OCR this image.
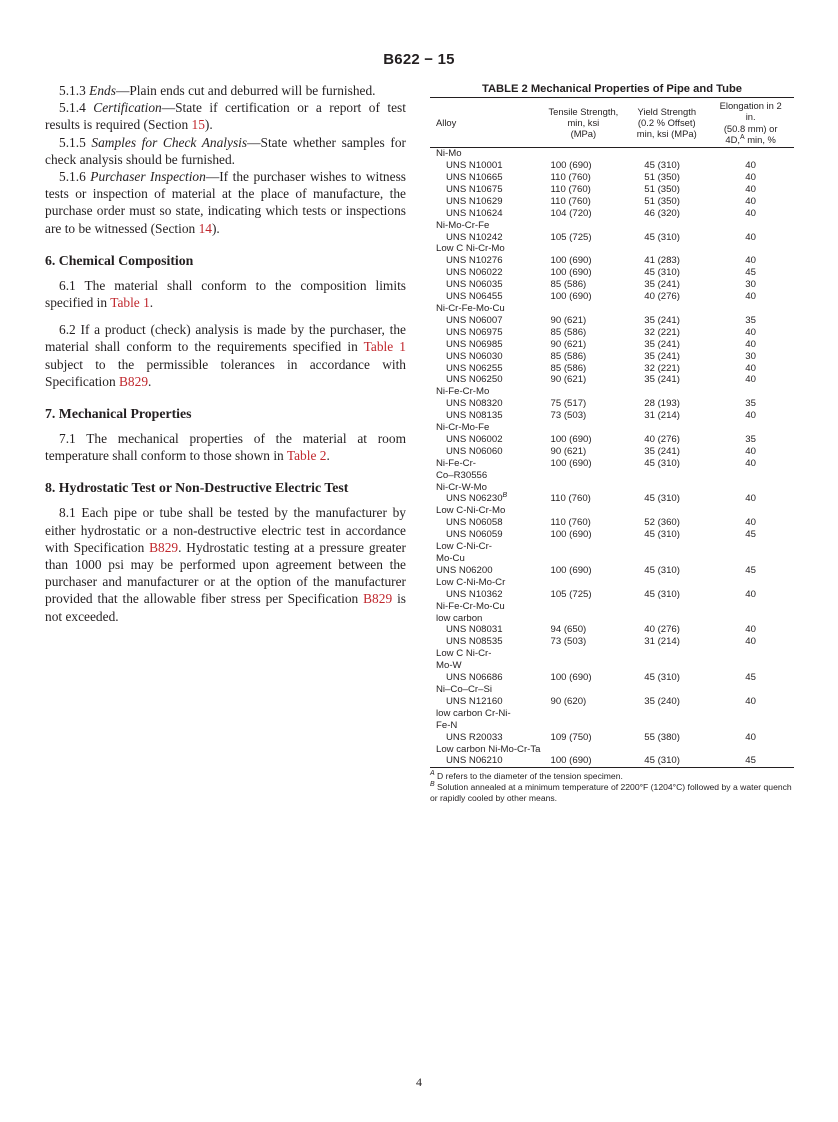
B622 − 15

5.1.3 Ends—Plain ends cut and deburred will be furnished.

5.1.4 Certification—State if certification or a report of test results is required (Section 15).

5.1.5 Samples for Check Analysis—State whether samples for check analysis should be furnished.

5.1.6 Purchaser Inspection—If the purchaser wishes to witness tests or inspection of material at the place of manufacture, the purchase order must so state, indicating which tests or inspections are to be witnessed (Section 14).

6. Chemical Composition

6.1 The material shall conform to the composition limits specified in Table 1.

6.2 If a product (check) analysis is made by the purchaser, the material shall conform to the requirements specified in Table 1 subject to the permissible tolerances in accordance with Specification B829.

7. Mechanical Properties

7.1 The mechanical properties of the material at room temperature shall conform to those shown in Table 2.

8. Hydrostatic Test or Non-Destructive Electric Test

8.1 Each pipe or tube shall be tested by the manufacturer by either hydrostatic or a non-destructive electric test in accordance with Specification B829. Hydrostatic testing at a pressure greater than 1000 psi may be performed upon agreement between the purchaser and manufacturer or at the option of the manufacturer provided that the allowable fiber stress per Specification B829 is not exceeded.

TABLE 2 Mechanical Properties of Pipe and Tube
Alloy	Tensile Strength,
min, ksi
(MPa)	Yield Strength
(0.2 % Offset)
min, ksi (MPa)	Elongation in 2
in.
(50.8 mm) or
4D,$^A$ min, %
Ni-Mo			
UNS N10001	100 (690)	45 (310)	40
UNS N10665	110 (760)	51 (350)	40
UNS N10675	110 (760)	51 (350)	40
UNS N10629	110 (760)	51 (350)	40
UNS N10624	104 (720)	46 (320)	40
Ni-Mo-Cr-Fe			
UNS N10242	105 (725)	45 (310)	40
Low C Ni-Cr-Mo			
UNS N10276	100 (690)	41 (283)	40
UNS N06022	100 (690)	45 (310)	45
UNS N06035	85 (586)	35 (241)	30
UNS N06455	100 (690)	40 (276)	40
Ni-Cr-Fe-Mo-Cu			
UNS N06007	90 (621)	35 (241)	35
UNS N06975	85 (586)	32 (221)	40
UNS N06985	90 (621)	35 (241)	40
UNS N06030	85 (586)	35 (241)	30
UNS N06255	85 (586)	32 (221)	40
UNS N06250	90 (621)	35 (241)	40
Ni-Fe-Cr-Mo			
UNS N08320	75 (517)	28 (193)	35
UNS N08135	73 (503)	31 (214)	40
Ni-Cr-Mo-Fe			
UNS N06002	100 (690)	40 (276)	35
UNS N06060	90 (621)	35 (241)	40
Ni-Fe-Cr-	100 (690)	45 (310)	40
Co–R30556			
Ni-Cr-W-Mo			
UNS $N06230^B$	110 (760)	45 (310)	40
Low C-Ni-Cr-Mo			
UNS N06058	110 (760)	52 (360)	40
UNS N06059	100 (690)	45 (310)	45
Low C-Ni-Cr-			
Mo-Cu			
UNS N06200	100 (690)	45 (310)	45
Low C-Ni-Mo-Cr			
UNS N10362	105 (725)	45 (310)	40
Ni-Fe-Cr-Mo-Cu			
low carbon			
UNS N08031	94 (650)	40 (276)	40
UNS N08535	73 (503)	31 (214)	40
Low C Ni-Cr-			
Mo-W			
UNS N06686	100 (690)	45 (310)	45
Ni–Co–Cr–Si			
UNS N12160	90 (620)	35 (240)	40
low carbon Cr-Ni-			
Fe-N			
UNS R20033	109 (750)	55 (380)	40
Low carbon Ni-Mo-Cr-Ta			
UNS N06210	100 (690)	45 (310)	45

$^A$ D refers to the diameter of the tension specimen.

$^B$ Solution annealed at a minimum temperature of 2200°F (1204°C) followed by a water quench or rapidly cooled by other means.

4
